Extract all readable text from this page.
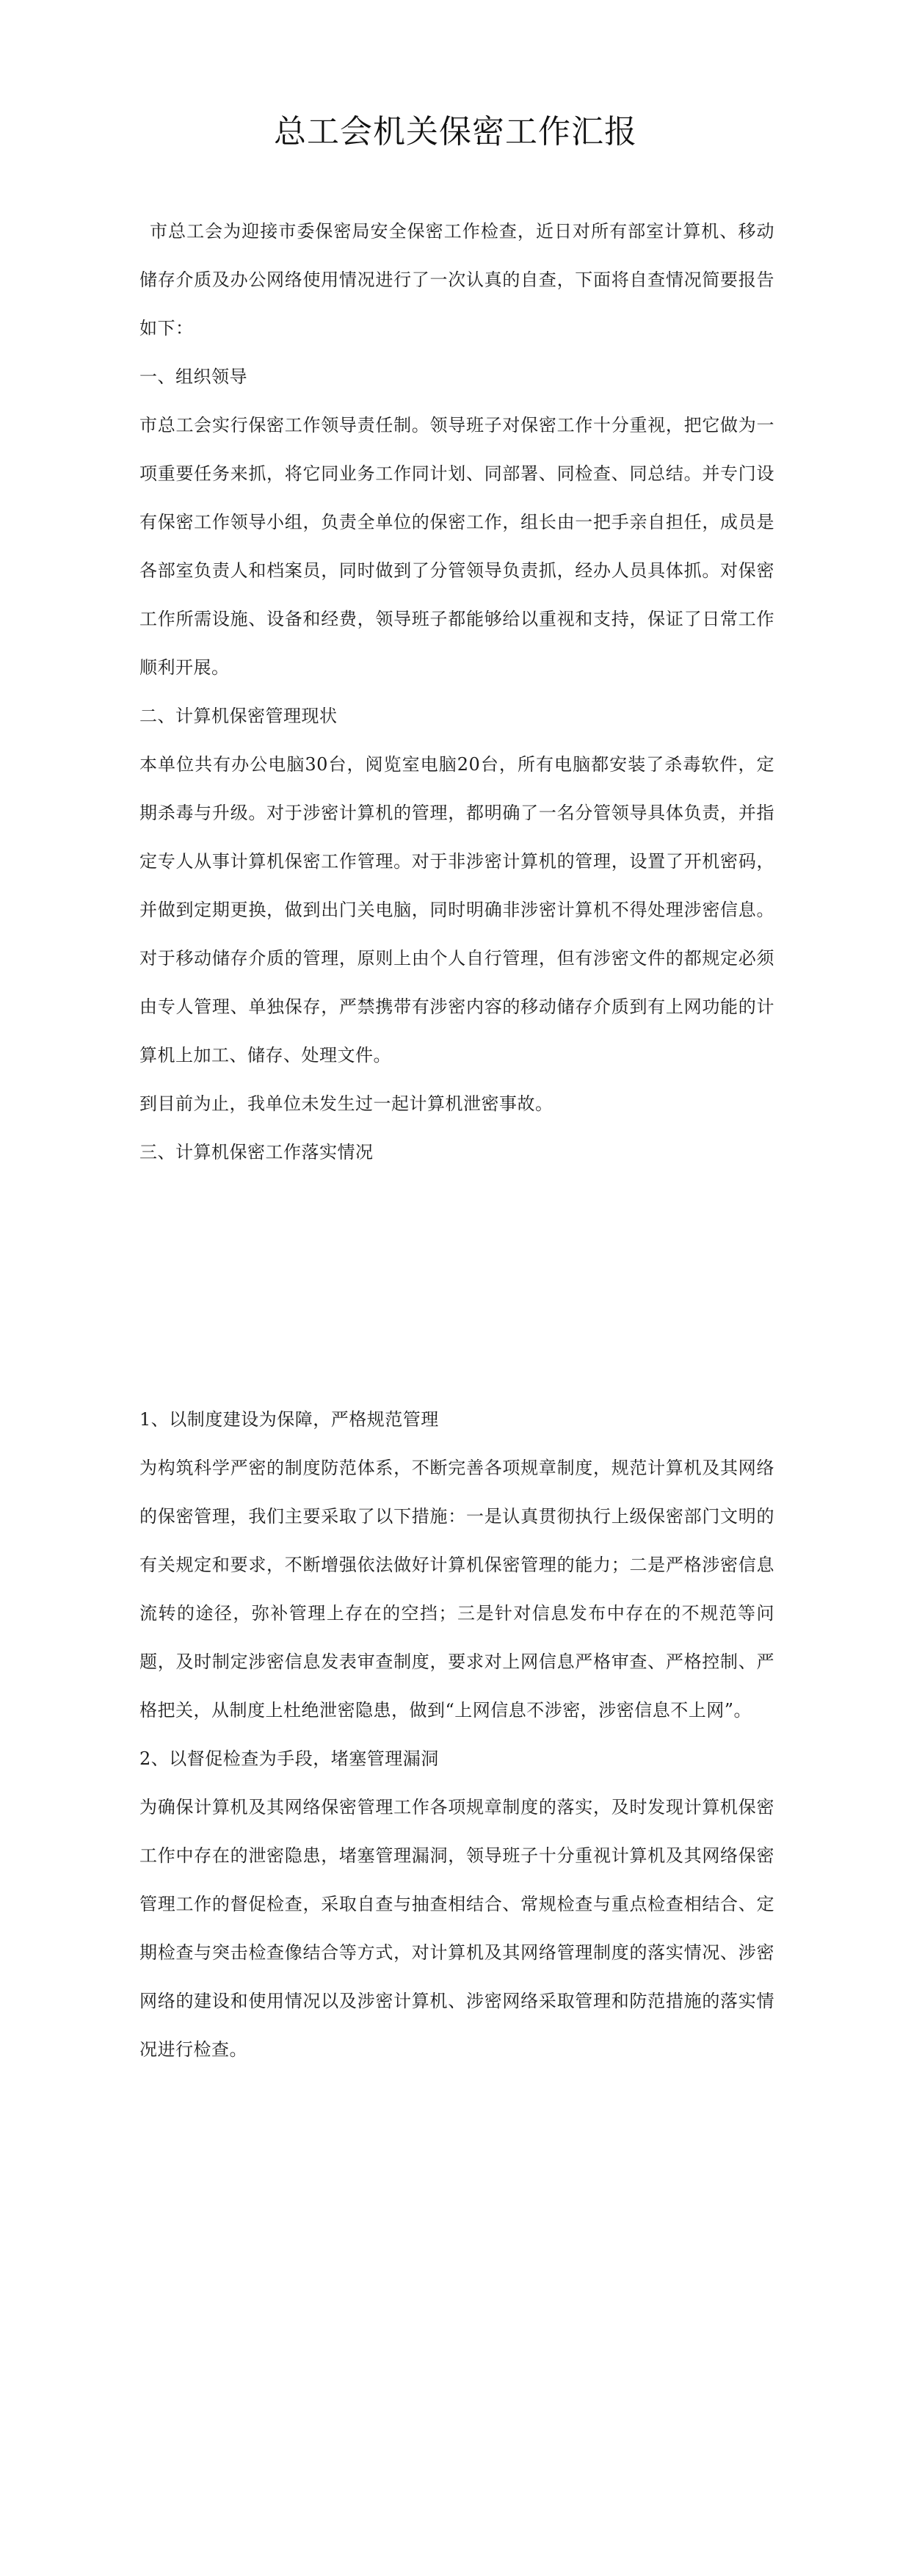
总工会机关保密工作汇报

市总工会为迎接市委保密局安全保密工作检查，近日对所有部室计算机、移动储存介质及办公网络使用情况进行了一次认真的自查，下面将自查情况简要报告如下：

一、组织领导

市总工会实行保密工作领导责任制。领导班子对保密工作十分重视，把它做为一项重要任务来抓，将它同业务工作同计划、同部署、同检查、同总结。并专门设有保密工作领导小组，负责全单位的保密工作，组长由一把手亲自担任，成员是各部室负责人和档案员，同时做到了分管领导负责抓，经办人员具体抓。对保密工作所需设施、设备和经费，领导班子都能够给以重视和支持，保证了日常工作顺利开展。

二、计算机保密管理现状

本单位共有办公电脑30台，阅览室电脑20台，所有电脑都安装了杀毒软件，定期杀毒与升级。对于涉密计算机的管理，都明确了一名分管领导具体负责，并指定专人从事计算机保密工作管理。对于非涉密计算机的管理，设置了开机密码，并做到定期更换，做到出门关电脑，同时明确非涉密计算机不得处理涉密信息。对于移动储存介质的管理，原则上由个人自行管理，但有涉密文件的都规定必须由专人管理、单独保存，严禁携带有涉密内容的移动储存介质到有上网功能的计算机上加工、储存、处理文件。

到目前为止，我单位未发生过一起计算机泄密事故。

三、计算机保密工作落实情况

1、以制度建设为保障，严格规范管理

为构筑科学严密的制度防范体系，不断完善各项规章制度，规范计算机及其网络的保密管理，我们主要采取了以下措施：一是认真贯彻执行上级保密部门文明的有关规定和要求，不断增强依法做好计算机保密管理的能力；二是严格涉密信息流转的途径，弥补管理上存在的空挡；三是针对信息发布中存在的不规范等问题，及时制定涉密信息发表审查制度，要求对上网信息严格审查、严格控制、严格把关，从制度上杜绝泄密隐患，做到“上网信息不涉密，涉密信息不上网”。

2、以督促检查为手段，堵塞管理漏洞

为确保计算机及其网络保密管理工作各项规章制度的落实，及时发现计算机保密工作中存在的泄密隐患，堵塞管理漏洞，领导班子十分重视计算机及其网络保密管理工作的督促检查，采取自查与抽查相结合、常规检查与重点检查相结合、定期检查与突击检查像结合等方式，对计算机及其网络管理制度的落实情况、涉密网络的建设和使用情况以及涉密计算机、涉密网络采取管理和防范措施的落实情况进行检查。
